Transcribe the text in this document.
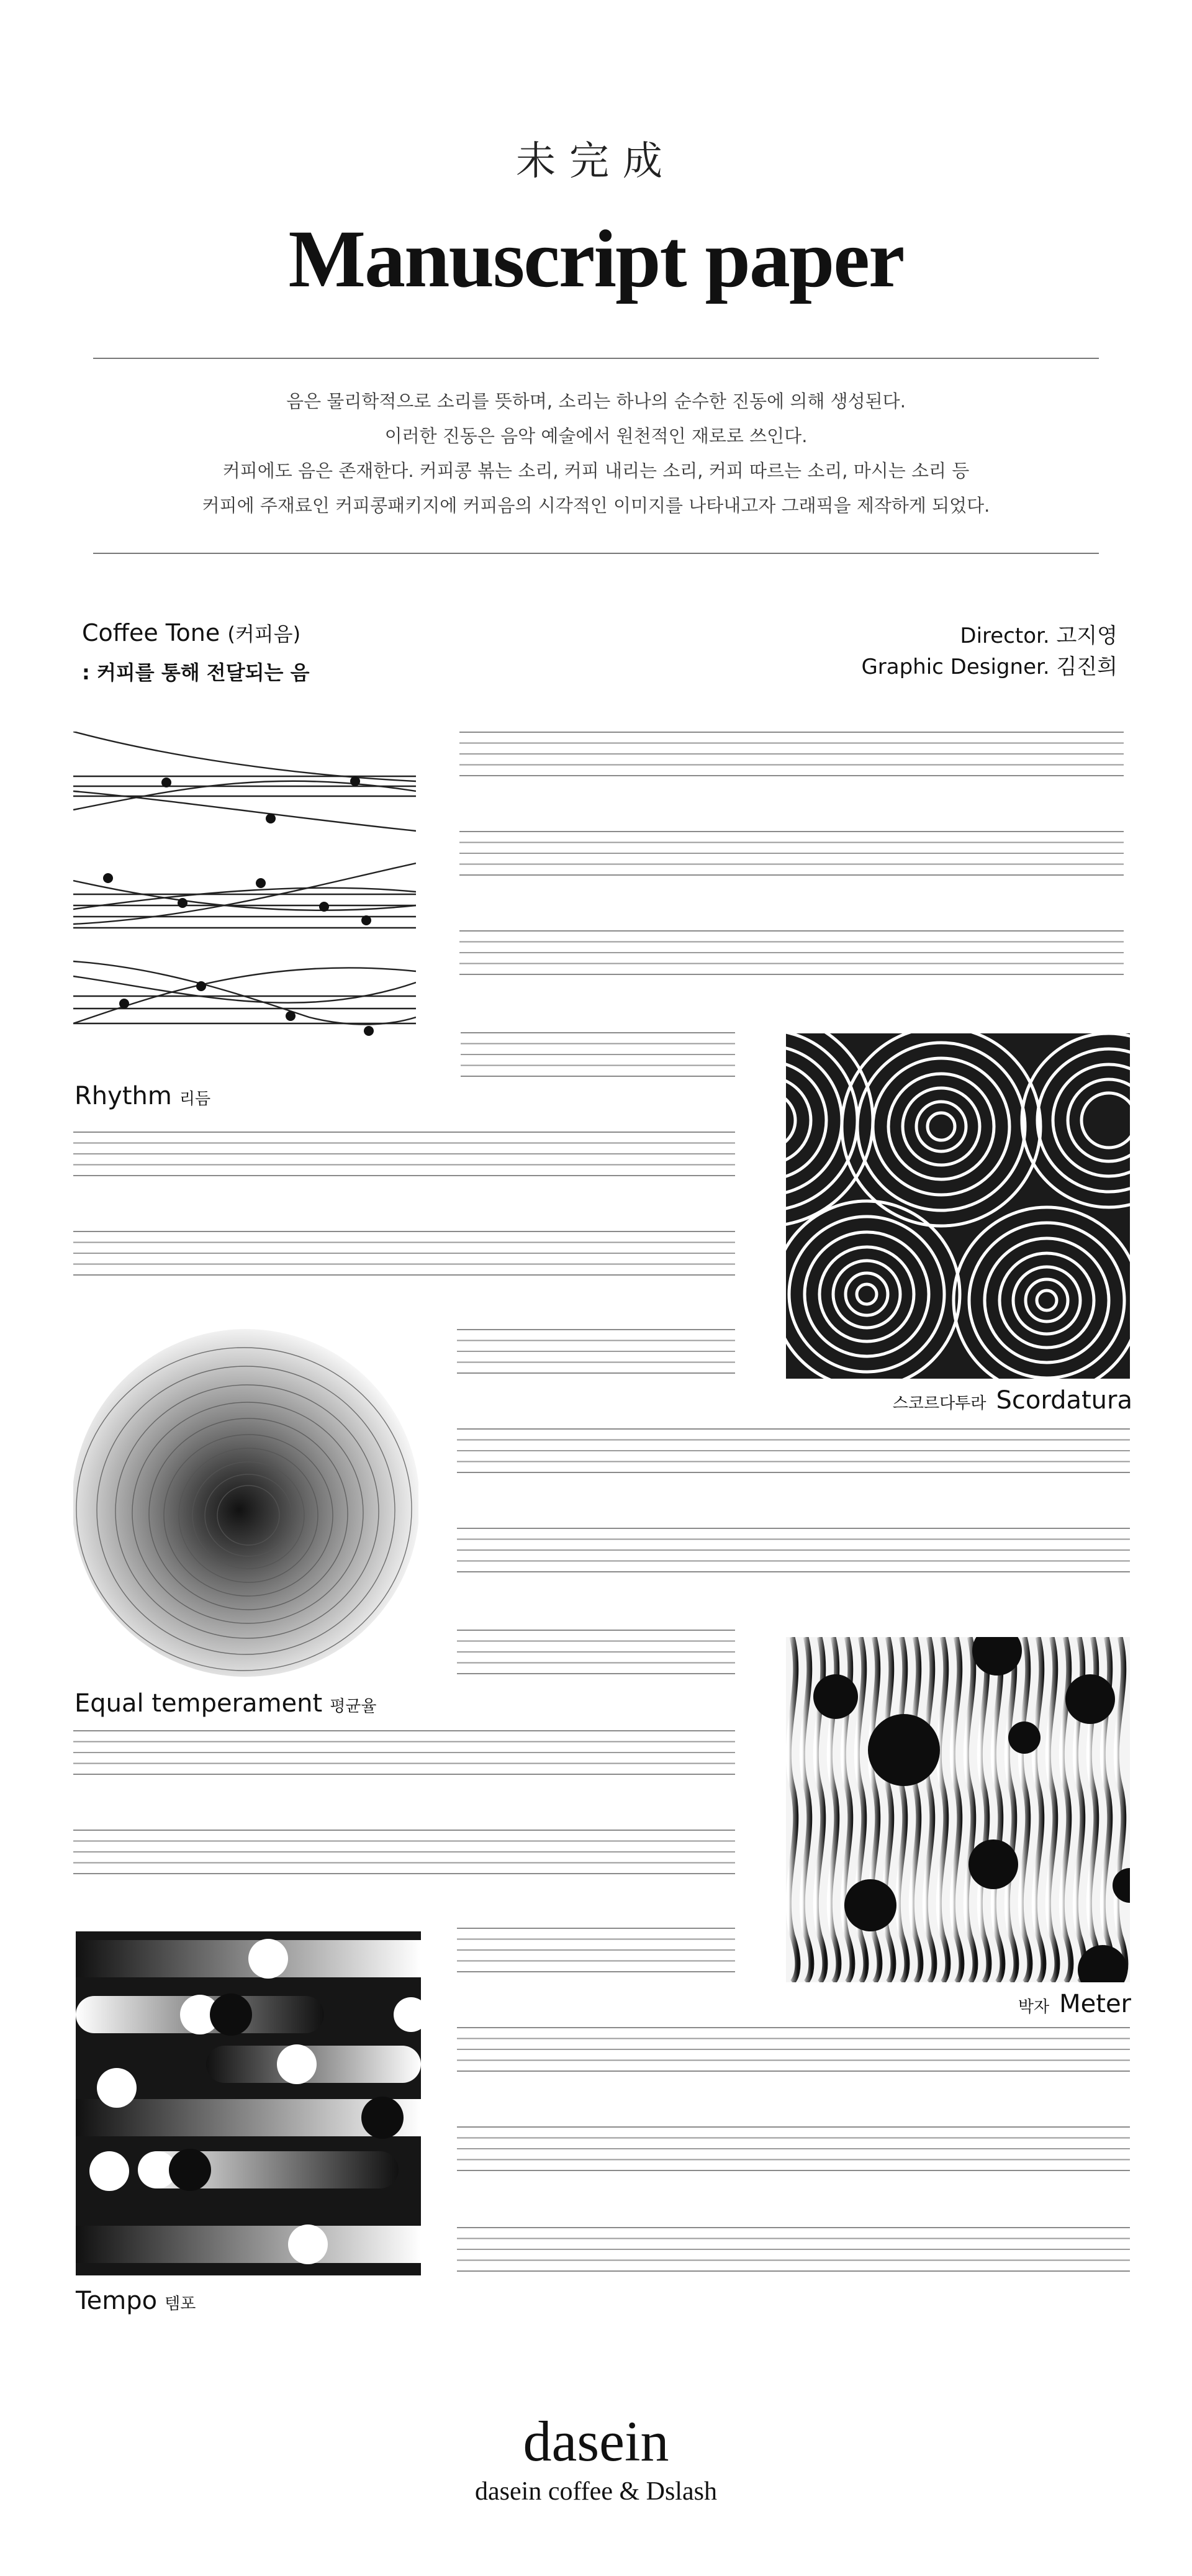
未完成
Manuscript paper
음은 물리학적으로 소리를 뜻하며, 소리는 하나의 순수한 진동에 의해 생성된다.
이러한 진동은 음악 예술에서 원천적인 재로로 쓰인다.
커피에도 음은 존재한다. 커피콩 볶는 소리, 커피 내리는 소리, 커피 따르는 소리, 마시는 소리 등
커피에 주재료인 커피콩패키지에 커피음의 시각적인 이미지를 나타내고자 그래픽을 제작하게 되었다.
Coffee Tone (커피음)
: 커피를 통해 전달되는 음
Director. 고지영
Graphic Designer. 김진희
Rhythm 리듬
스코르다투라 Scordatura
Equal temperament 평균율
박자 Meter
Tempo 템포
dasein
dasein coffee & Dslash
